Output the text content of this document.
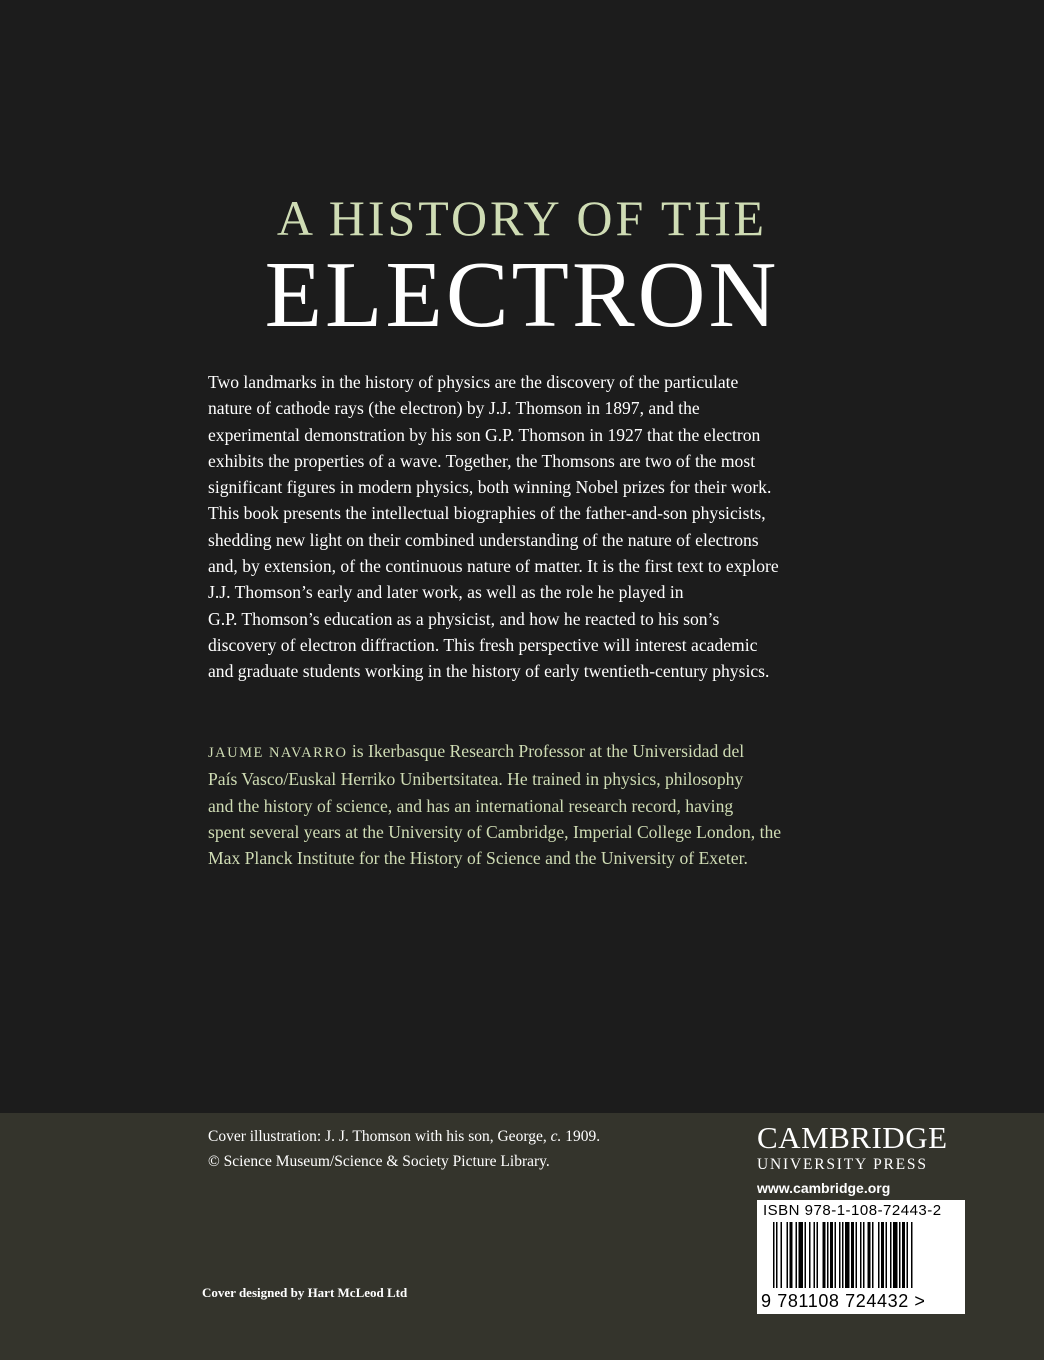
A HISTORY OF THE
ELECTRON
Two landmarks in the history of physics are the discovery of the particulate
nature of cathode rays (the electron) by J.J. Thomson in 1897, and the
experimental demonstration by his son G.P. Thomson in 1927 that the electron
exhibits the properties of a wave. Together, the Thomsons are two of the most
significant figures in modern physics, both winning Nobel prizes for their work.
This book presents the intellectual biographies of the father-and-son physicists,
shedding new light on their combined understanding of the nature of electrons
and, by extension, of the continuous nature of matter. It is the first text to explore
J.J. Thomson’s early and later work, as well as the role he played in
G.P. Thomson’s education as a physicist, and how he reacted to his son’s
discovery of electron diffraction. This fresh perspective will interest academic
and graduate students working in the history of early twentieth-century physics.
JAUME NAVARRO is Ikerbasque Research Professor at the Universidad del
País Vasco/Euskal Herriko Unibertsitatea. He trained in physics, philosophy
and the history of science, and has an international research record, having
spent several years at the University of Cambridge, Imperial College London, the
Max Planck Institute for the History of Science and the University of Exeter.
Cover illustration: J. J. Thomson with his son, George, c. 1909.
© Science Museum/Science & Society Picture Library.
Cover designed by Hart McLeod Ltd
CAMBRIDGE
UNIVERSITY PRESS
www.cambridge.org
ISBN 978-1-108-72443-2
9 781108 724432 >
